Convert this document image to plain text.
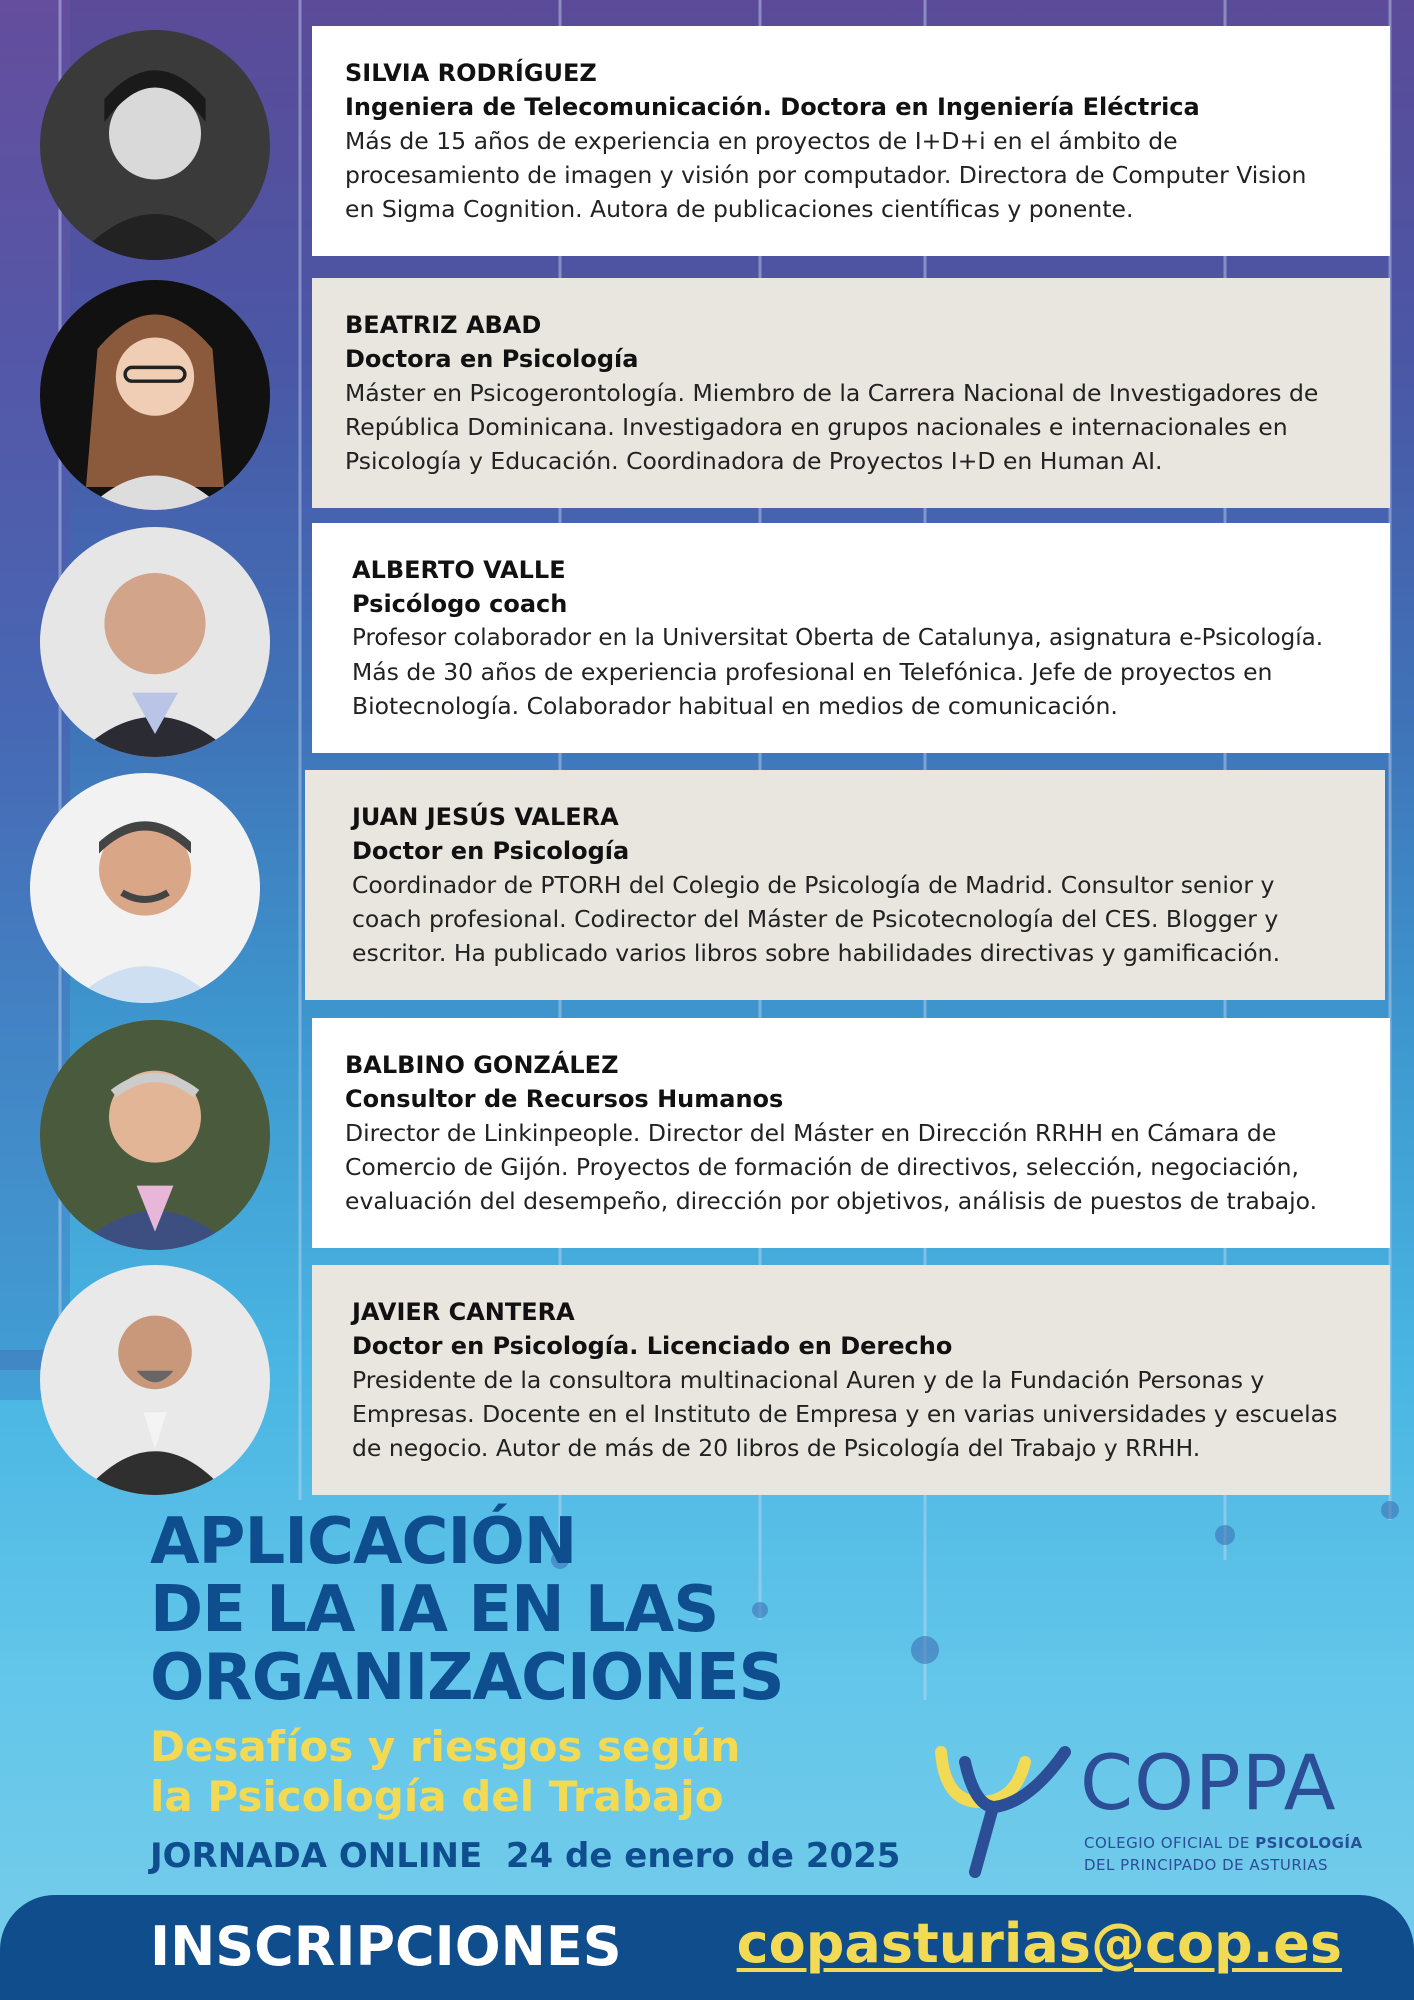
SILVIA RODRÍGUEZ
Ingeniera de Telecomunicación. Doctora en Ingeniería Eléctrica
Más de 15 años de experiencia en proyectos de I+D+i en el ámbito de
procesamiento de imagen y visión por computador. Directora de Computer Vision
en Sigma Cognition. Autora de publicaciones científicas y ponente.
BEATRIZ ABAD
Doctora en Psicología
Máster en Psicogerontología. Miembro de la Carrera Nacional de Investigadores de
República Dominicana. Investigadora en grupos nacionales e internacionales en
Psicología y Educación. Coordinadora de Proyectos I+D en Human AI.
ALBERTO VALLE
Psicólogo coach
Profesor colaborador en la Universitat Oberta de Catalunya, asignatura e-Psicología.
Más de 30 años de experiencia profesional en Telefónica. Jefe de proyectos en
Biotecnología. Colaborador habitual en medios de comunicación.
JUAN JESÚS VALERA
Doctor en Psicología
Coordinador de PTORH del Colegio de Psicología de Madrid. Consultor senior y
coach profesional. Codirector del Máster de Psicotecnología del CES. Blogger y
escritor. Ha publicado varios libros sobre habilidades directivas y gamificación.
BALBINO GONZÁLEZ
Consultor de Recursos Humanos
Director de Linkinpeople. Director del Máster en Dirección RRHH en Cámara de
Comercio de Gijón. Proyectos de formación de directivos, selección, negociación,
evaluación del desempeño, dirección por objetivos, análisis de puestos de trabajo.
JAVIER CANTERA
Doctor en Psicología. Licenciado en Derecho
Presidente de la consultora multinacional Auren y de la Fundación Personas y
Empresas. Docente en el Instituto de Empresa y en varias universidades y escuelas
de negocio. Autor de más de 20 libros de Psicología del Trabajo y RRHH.
APLICACIÓN
DE LA IA EN LAS
ORGANIZACIONES
Desafíos y riesgos según
la Psicología del Trabajo
JORNADA ONLINE  24 de enero de 2025
COPPA
COLEGIO OFICIAL DE PSICOLOGÍA
DEL PRINCIPADO DE ASTURIAS
INSCRIPCIONES copasturias@cop.es
